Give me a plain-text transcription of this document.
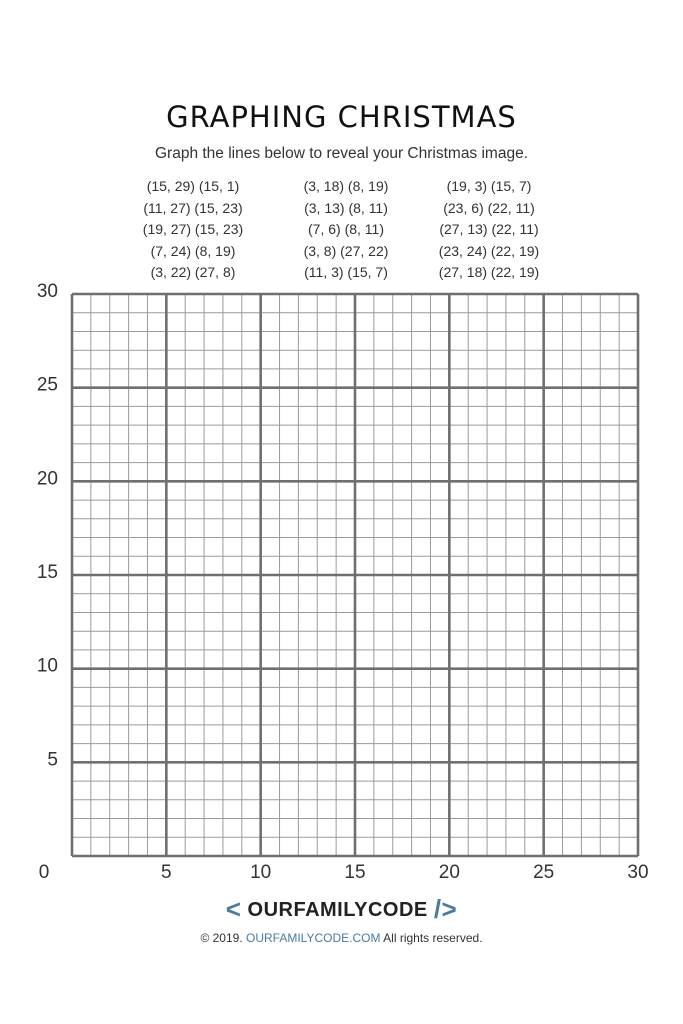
GRAPHING CHRISTMAS
Graph the lines below to reveal your Christmas image.
(15, 29) (15, 1)
(11, 27) (15, 23)
(19, 27) (15, 23)
(7, 24) (8, 19)
(3, 22) (27, 8)
(3, 18) (8, 19)
(3, 13) (8, 11)
(7, 6) (8, 11)
(3, 8) (27, 22)
(11, 3) (15, 7)
(19, 3) (15, 7)
(23, 6) (22, 11)
(27, 13) (22, 11)
(23, 24) (22, 19)
(27, 18) (22, 19)
0	5	10	15	20	25	30
5
10
15
20
25
30
< OURFAMILYCODE />
© 2019. OURFAMILYCODE.COM All rights reserved.
